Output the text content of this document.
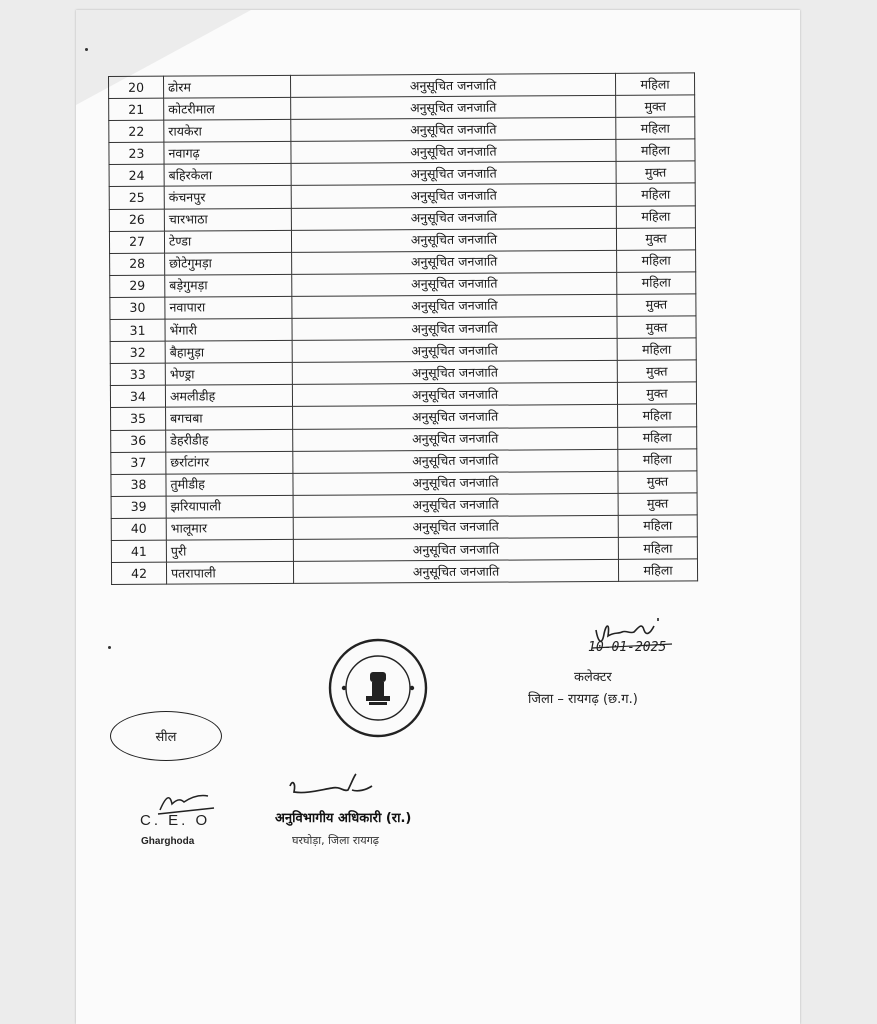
20	ढोरम	अनुसूचित जनजाति	महिला
21	कोटरीमाल	अनुसूचित जनजाति	मुक्त
22	रायकेरा	अनुसूचित जनजाति	महिला
23	नवागढ़	अनुसूचित जनजाति	महिला
24	बहिरकेला	अनुसूचित जनजाति	मुक्त
25	कंचनपुर	अनुसूचित जनजाति	महिला
26	चारभाठा	अनुसूचित जनजाति	महिला
27	टेण्डा	अनुसूचित जनजाति	मुक्त
28	छोटेगुमड़ा	अनुसूचित जनजाति	महिला
29	बड़ेगुमड़ा	अनुसूचित जनजाति	महिला
30	नवापारा	अनुसूचित जनजाति	मुक्त
31	भेंगारी	अनुसूचित जनजाति	मुक्त
32	बैहामुड़ा	अनुसूचित जनजाति	महिला
33	भेण्ड्रा	अनुसूचित जनजाति	मुक्त
34	अमलीडीह	अनुसूचित जनजाति	मुक्त
35	बगचबा	अनुसूचित जनजाति	महिला
36	डेहरीडीह	अनुसूचित जनजाति	महिला
37	छर्राटांगर	अनुसूचित जनजाति	महिला
38	तुमीडीह	अनुसूचित जनजाति	मुक्त
39	झरियापाली	अनुसूचित जनजाति	मुक्त
40	भालूमार	अनुसूचित जनजाति	महिला
41	पुरी	अनुसूचित जनजाति	महिला
42	पतरापाली	अनुसूचित जनजाति	महिला
10-01-2025
कलेक्टर
जिला – रायगढ़ (छ.ग.)
सील
C. E. O
Gharghoda
अनुविभागीय अधिकारी (रा.)
घरघोड़ा, जिला रायगढ़
